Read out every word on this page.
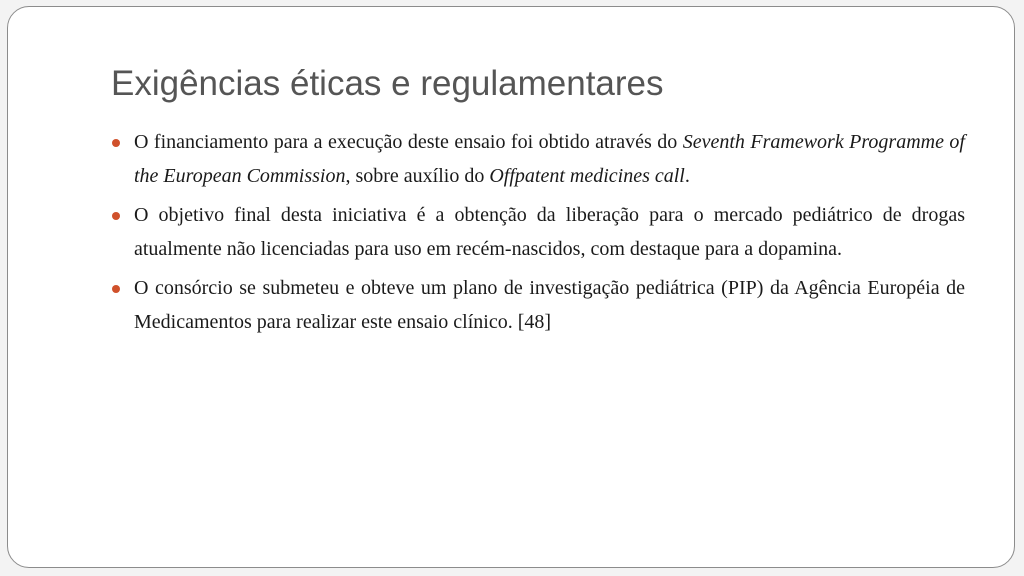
Exigências éticas e regulamentares
O financiamento para a execução deste ensaio foi obtido através do Seventh Framework Programme of the European Commission, sobre auxílio do Offpatent medicines call.
O objetivo final desta iniciativa é a obtenção da liberação para o mercado pediátrico de drogas atualmente não licenciadas para uso em recém-nascidos, com destaque para a dopamina.
O consórcio se submeteu e obteve um plano de investigação pediátrica (PIP) da Agência Européia de Medicamentos para realizar este ensaio clínico. [48]
